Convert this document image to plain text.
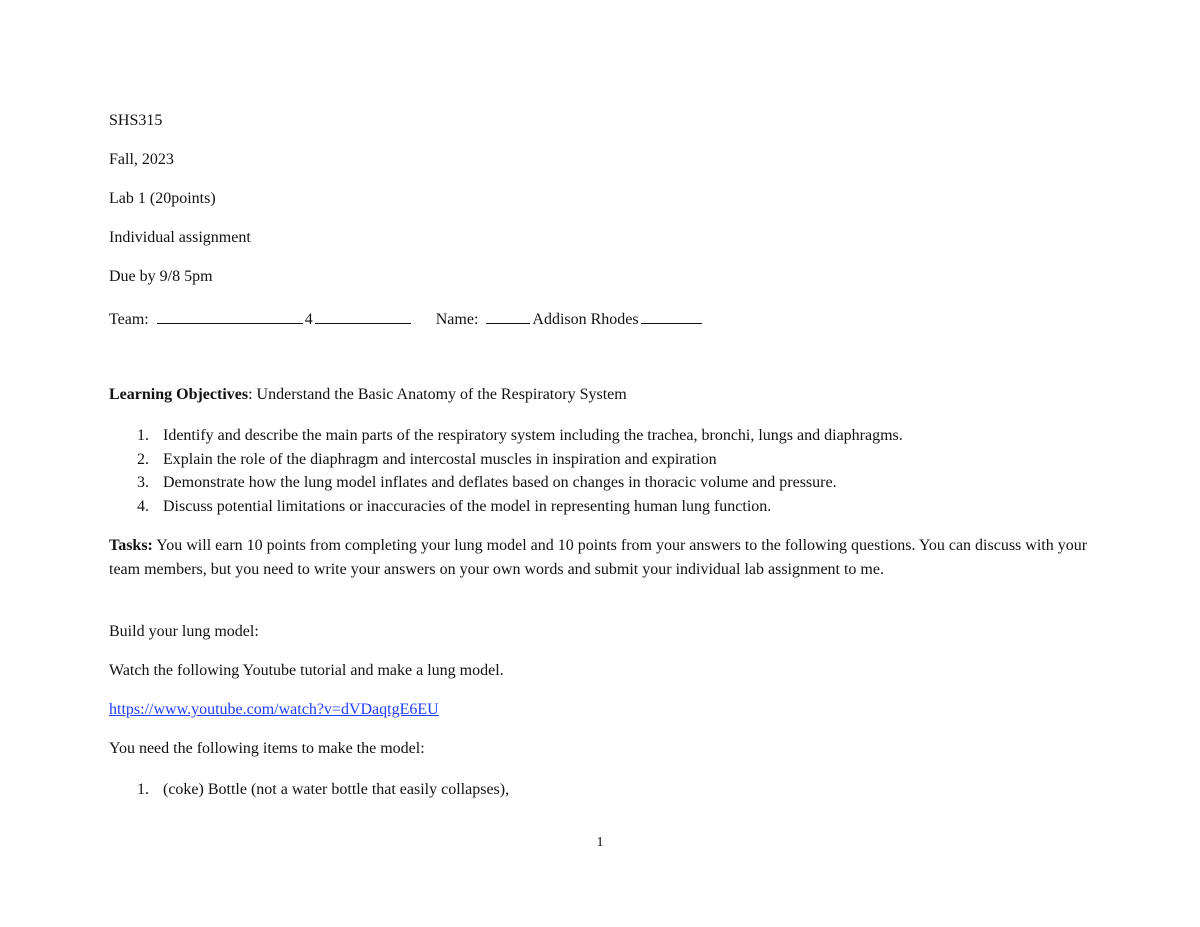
SHS315
Fall, 2023
Lab 1 (20points)
Individual assignment
Due by 9/8 5pm
Team:	4	Name:	Addison Rhodes
Learning Objectives: Understand the Basic Anatomy of the Respiratory System
1. Identify and describe the main parts of the respiratory system including the trachea, bronchi, lungs and diaphragms.
2. Explain the role of the diaphragm and intercostal muscles in inspiration and expiration
3. Demonstrate how the lung model inflates and deflates based on changes in thoracic volume and pressure.
4. Discuss potential limitations or inaccuracies of the model in representing human lung function.
Tasks: You will earn 10 points from completing your lung model and 10 points from your answers to the following questions. You can discuss with your team members, but you need to write your answers on your own words and submit your individual lab assignment to me.
Build your lung model:
Watch the following Youtube tutorial and make a lung model.
https://www.youtube.com/watch?v=dVDaqtgE6EU
You need the following items to make the model:
1. (coke) Bottle (not a water bottle that easily collapses),
1
